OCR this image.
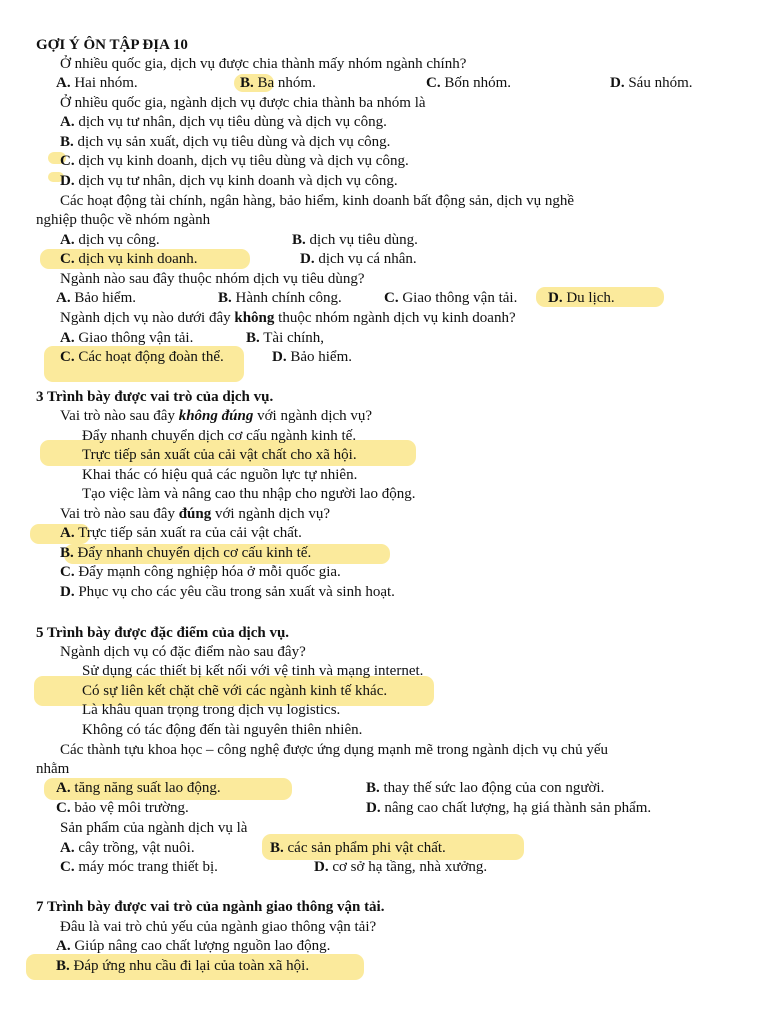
GỢI Ý ÔN TẬP ĐỊA 10
Ở nhiều quốc gia, dịch vụ được chia thành mấy nhóm ngành chính?
A. Hai nhóm.	B. Ba nhóm.	C. Bốn nhóm.	D. Sáu nhóm.
Ở nhiều quốc gia, ngành dịch vụ được chia thành ba nhóm là
A. dịch vụ tư nhân, dịch vụ tiêu dùng và dịch vụ công.
B. dịch vụ sản xuất, dịch vụ tiêu dùng và dịch vụ công.
C. dịch vụ kinh doanh, dịch vụ tiêu dùng và dịch vụ công.
D. dịch vụ tư nhân, dịch vụ kinh doanh và dịch vụ công.
Các hoạt động tài chính, ngân hàng, bảo hiểm, kinh doanh bất động sản, dịch vụ nghề
nghiệp thuộc về nhóm ngành
A. dịch vụ công.	B. dịch vụ tiêu dùng.
C. dịch vụ kinh doanh.	D. dịch vụ cá nhân.
Ngành nào sau đây thuộc nhóm dịch vụ tiêu dùng?
A. Bảo hiểm.	B. Hành chính công.	C. Giao thông vận tải. D. Du lịch.
Ngành dịch vụ nào dưới đây không thuộc nhóm ngành dịch vụ kinh doanh?
A. Giao thông vận tải.	B. Tài chính,
C. Các hoạt động đoàn thể.	D. Bảo hiểm.
3 Trình bày được vai trò của dịch vụ.
Vai trò nào sau đây không đúng với ngành dịch vụ?
Đẩy nhanh chuyển dịch cơ cấu ngành kinh tế.
Trực tiếp sản xuất của cải vật chất cho xã hội.
Khai thác có hiệu quả các nguồn lực tự nhiên.
Tạo việc làm và nâng cao thu nhập cho người lao động.
Vai trò nào sau đây đúng với ngành dịch vụ?
A. Trực tiếp sản xuất ra của cải vật chất.
B. Đẩy nhanh chuyển dịch cơ cấu kinh tế.
C. Đẩy mạnh công nghiệp hóa ở mỗi quốc gia.
D. Phục vụ cho các yêu cầu trong sản xuất và sinh hoạt.
5 Trình bày được đặc điểm của dịch vụ.
Ngành dịch vụ có đặc điểm nào sau đây?
Sử dụng các thiết bị kết nối với vệ tinh và mạng internet.
Có sự liên kết chặt chẽ với các ngành kinh tế khác.
Là khâu quan trọng trong dịch vụ logistics.
Không có tác động đến tài nguyên thiên nhiên.
Các thành tựu khoa học – công nghệ được ứng dụng mạnh mẽ trong ngành dịch vụ chủ yếu
nhằm
A. tăng năng suất lao động.	B. thay thế sức lao động của con người.
C. bảo vệ môi trường.	D. nâng cao chất lượng, hạ giá thành sản phẩm.
Sản phẩm của ngành dịch vụ là
A. cây trồng, vật nuôi.	B. các sản phẩm phi vật chất.
C. máy móc trang thiết bị.	D. cơ sở hạ tầng, nhà xưởng.
7 Trình bày được vai trò của ngành giao thông vận tải.
Đâu là vai trò chủ yếu của ngành giao thông vận tải?
A. Giúp nâng cao chất lượng nguồn lao động.
B. Đáp ứng nhu cầu đi lại của toàn xã hội.
